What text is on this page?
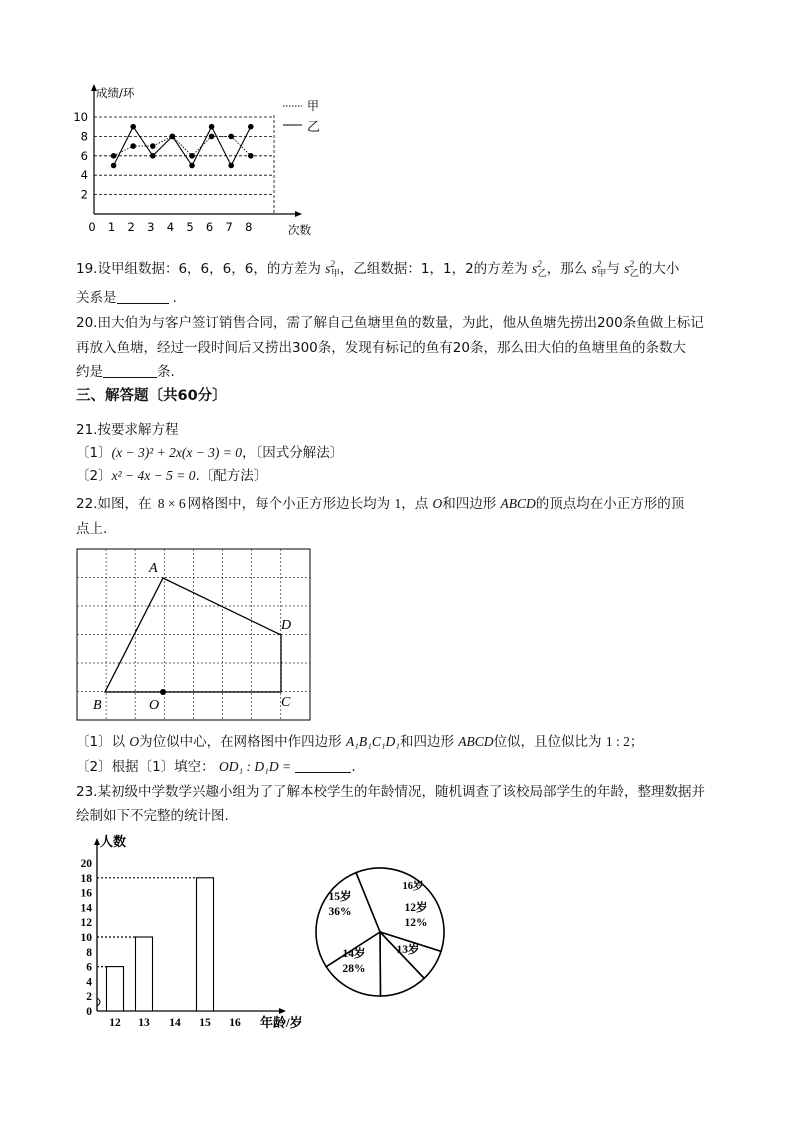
2
4
6
8
10
0 1 2 3 4 5 6 7 8
成绩/环
次数
甲
乙
19.设甲组数据：6，6，6，6，的方差为 $s^2_甲$，乙组数据：1，1，2的方差为 $s^2_乙$，那么 $s^2_甲$与 $s^2_乙$的大小
关系是	.
20.田大伯为与客户签订销售合同，需了解自己鱼塘里鱼的数量，为此，他从鱼塘先捞出200条鱼做上标记
再放入鱼塘，经过一段时间后又捞出300条，发现有标记的鱼有20条，那么田大伯的鱼塘里鱼的条数大
约是	条.
三、解答题〔共60分〕
21.按要求解方程
〔1〕(x − 3)² + 2x(x − 3) = 0，〔因式分解法〕
〔2〕x² − 4x − 5 = 0.〔配方法〕
22.如图，在 8 × 6 网格图中，每个小正方形边长均为 1，点 O和四边形 ABCD的顶点均在小正方形的顶
点上.
A
B	C
D
O
〔1〕以 O为位似中心，在网格图中作四边形 A₁B₁C₁D₁和四边形 ABCD位似，且位似比为 1 : 2；
〔2〕根据〔1〕填空： OD₁ : D₁D =	.
23.某初级中学数学兴趣小组为了了解本校学生的年龄情况，随机调查了该校局部学生的年龄，整理数据并
绘制如下不完整的统计图.
0
2
4
6
8
10
12
14
16
18
20
12 13 14 15 16
人数
年龄/岁
15岁
36%
16岁
12岁
12%
13岁
14岁
28%
